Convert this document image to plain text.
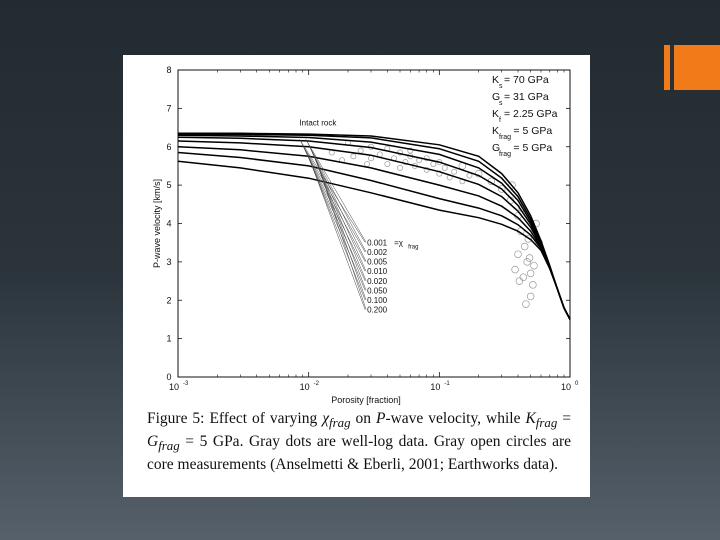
0
1
2
3
4
5
6
7
8
10 -3	10 -2	10 -1	10 0
Porosity [fraction]
P-wave velocity [km/s]	0.001
0.002
0.005
0.010
0.020
0.050
0.100
0.200
=χ frag
Intact rock
K
s
= 70 GPa
G
s
= 31 GPa
K
f
= 2.25 GPa
K
frag
= 5 GPa
G
frag
= 5 GPa
Figure 5: Effect of varying $\chi_{frag}$ on P-wave velocity, while $K_{frag} = G_{frag} = 5$ GPa. Gray dots are well-log data. Gray open circles are core measurements (Anselmetti & Eberli, 2001; Earthworks data).
